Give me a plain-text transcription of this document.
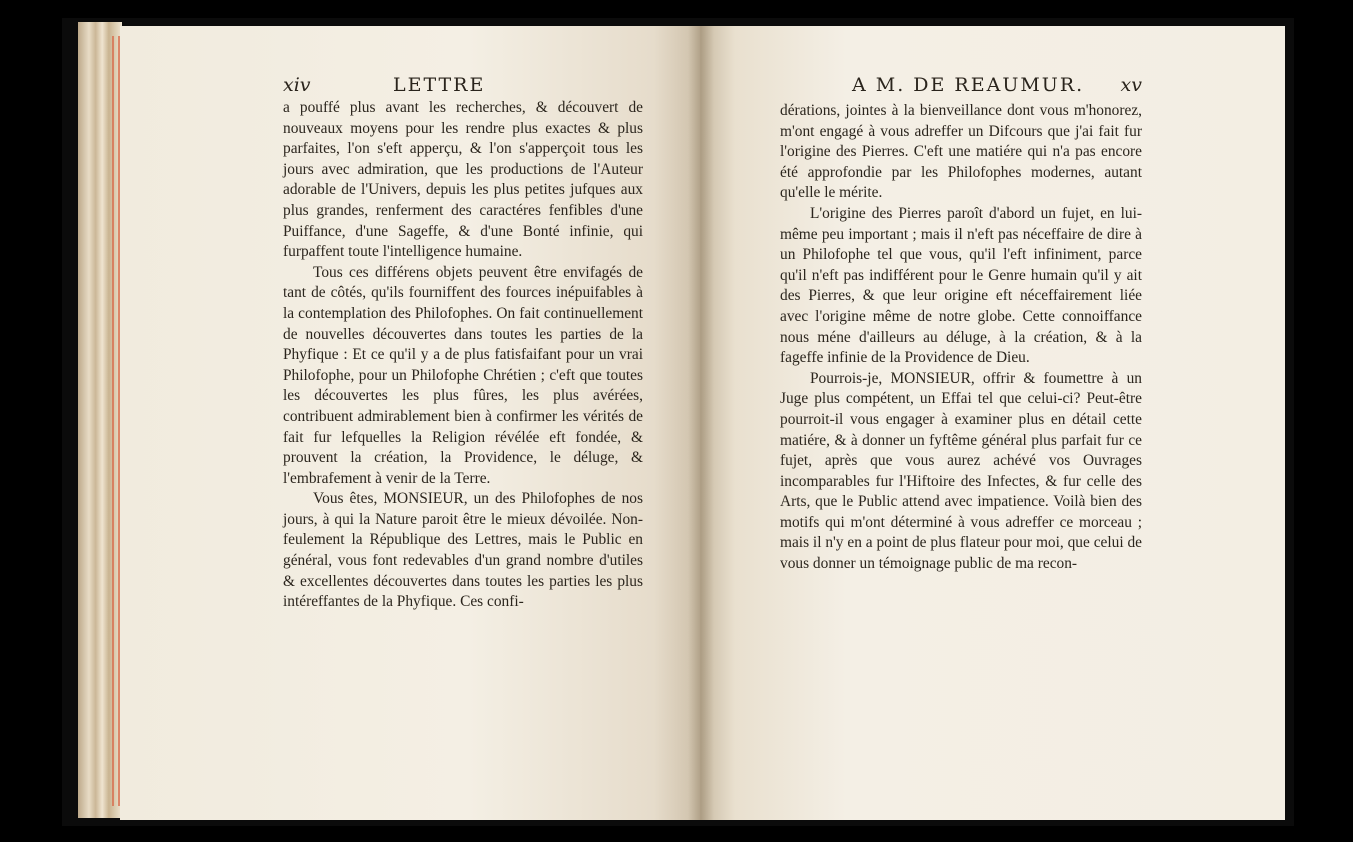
xiv	LETTRE

a pouffé plus avant les recherches, & découvert de nouveaux moyens pour les rendre plus exactes & plus parfaites, l'on s'eft apperçu, & l'on s'apperçoit tous les jours avec admiration, que les productions de l'Auteur adorable de l'Univers, depuis les plus petites jufques aux plus grandes, renferment des caractéres fenfibles d'une Puiffance, d'une Sageffe, & d'une Bonté infinie, qui furpaffent toute l'intelligence humaine.

Tous ces différens objets peuvent être envifagés de tant de côtés, qu'ils fourniffent des fources inépuifables à la contemplation des Philofophes. On fait continuellement de nouvelles découvertes dans toutes les parties de la Phyfique : Et ce qu'il y a de plus fatisfaifant pour un vrai Philofophe, pour un Philofophe Chrétien ; c'eft que toutes les découvertes les plus fûres, les plus avérées, contribuent admirablement bien à confirmer les vérités de fait fur lefquelles la Religion révélée eft fondée, & prouvent la création, la Providence, le déluge, & l'embrafement à venir de la Terre.

Vous êtes, MONSIEUR, un des Philofophes de nos jours, à qui la Nature paroit être le mieux dévoilée. Non-feulement la République des Lettres, mais le Public en général, vous font redevables d'un grand nombre d'utiles & excellentes découvertes dans toutes les parties les plus intéreffantes de la Phyfique. Ces confi-

A M. DE REAUMUR. xv

dérations, jointes à la bienveillance dont vous m'honorez, m'ont engagé à vous adreffer un Difcours que j'ai fait fur l'origine des Pierres. C'eft une matiére qui n'a pas encore été approfondie par les Philofophes modernes, autant qu'elle le mérite.

L'origine des Pierres paroît d'abord un fujet, en lui-même peu important ; mais il n'eft pas néceffaire de dire à un Philofophe tel que vous, qu'il l'eft infiniment, parce qu'il n'eft pas indifférent pour le Genre humain qu'il y ait des Pierres, & que leur origine eft néceffairement liée avec l'origine même de notre globe. Cette connoiffance nous méne d'ailleurs au déluge, à la création, & à la fageffe infinie de la Providence de Dieu.

Pourrois-je, MONSIEUR, offrir & foumettre à un Juge plus compétent, un Effai tel que celui-ci? Peut-être pourroit-il vous engager à examiner plus en détail cette matiére, & à donner un fyftême général plus parfait fur ce fujet, après que vous aurez achévé vos Ouvrages incomparables fur l'Hiftoire des Infectes, & fur celle des Arts, que le Public attend avec impatience. Voilà bien des motifs qui m'ont déterminé à vous adreffer ce morceau ; mais il n'y en a point de plus flateur pour moi, que celui de vous donner un témoignage public de ma recon-
